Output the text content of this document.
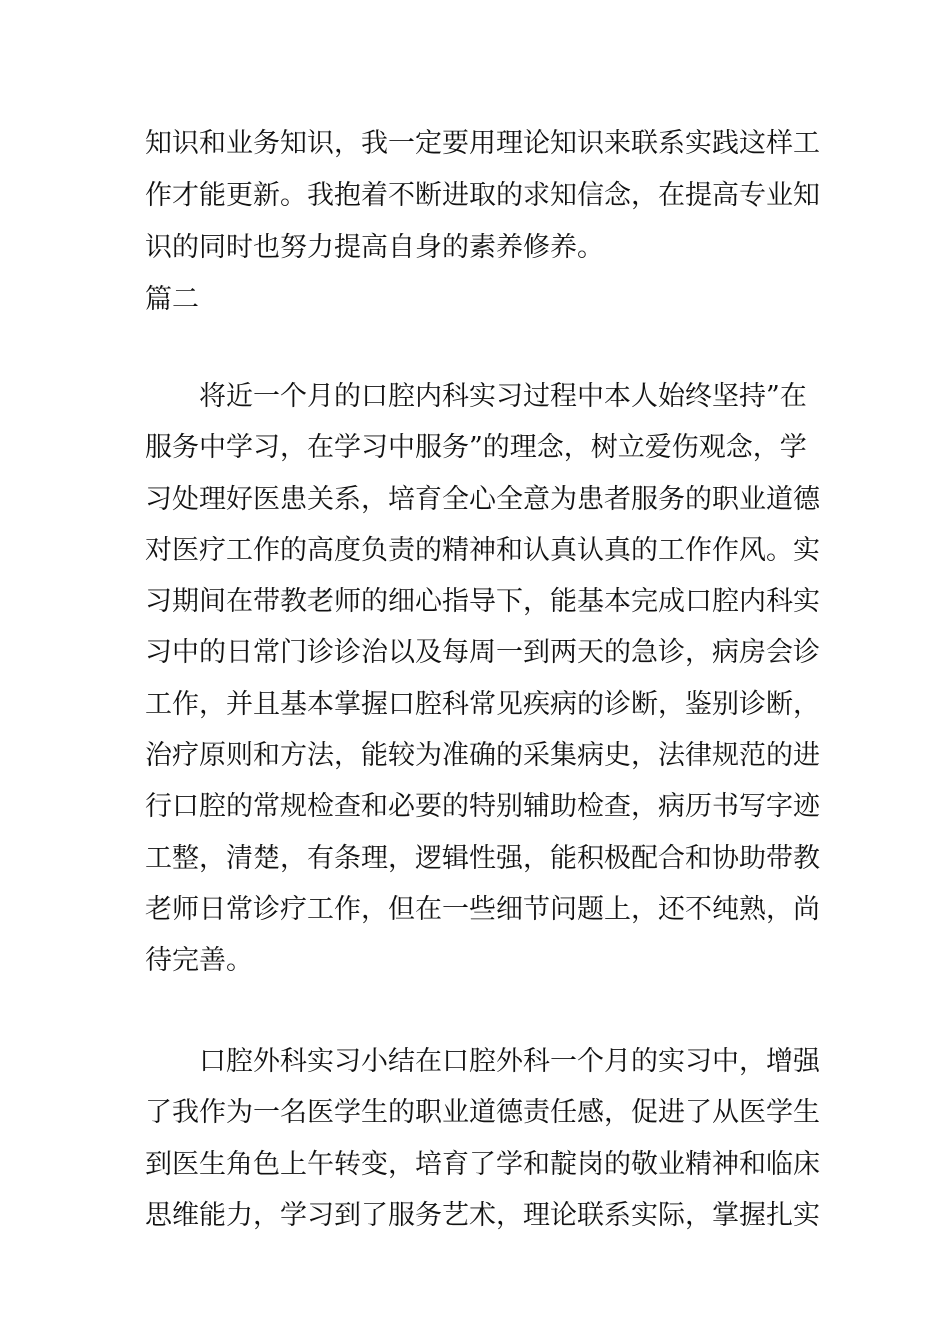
知识和业务知识，我一定要用理论知识来联系实践这样工
作才能更新。我抱着不断进取的求知信念，在提高专业知
识的同时也努力提高自身的素养修养。
篇二
将近一个月的口腔内科实习过程中本人始终坚持”在
服务中学习，在学习中服务”的理念，树立爱伤观念，学
习处理好医患关系，培育全心全意为患者服务的职业道德
对医疗工作的高度负责的精神和认真认真的工作作风。实
习期间在带教老师的细心指导下，能基本完成口腔内科实
习中的日常门诊诊治以及每周一到两天的急诊，病房会诊
工作，并且基本掌握口腔科常见疾病的诊断，鉴别诊断，
治疗原则和方法，能较为准确的采集病史，法律规范的进
行口腔的常规检查和必要的特别辅助检查，病历书写字迹
工整，清楚，有条理，逻辑性强，能积极配合和协助带教
老师日常诊疗工作，但在一些细节问题上，还不纯熟，尚
待完善。
口腔外科实习小结在口腔外科一个月的实习中，增强
了我作为一名医学生的职业道德责任感，促进了从医学生
到医生角色上午转变，培育了学和靛岗的敬业精神和临床
思维能力，学习到了服务艺术，理论联系实际，掌握扎实
